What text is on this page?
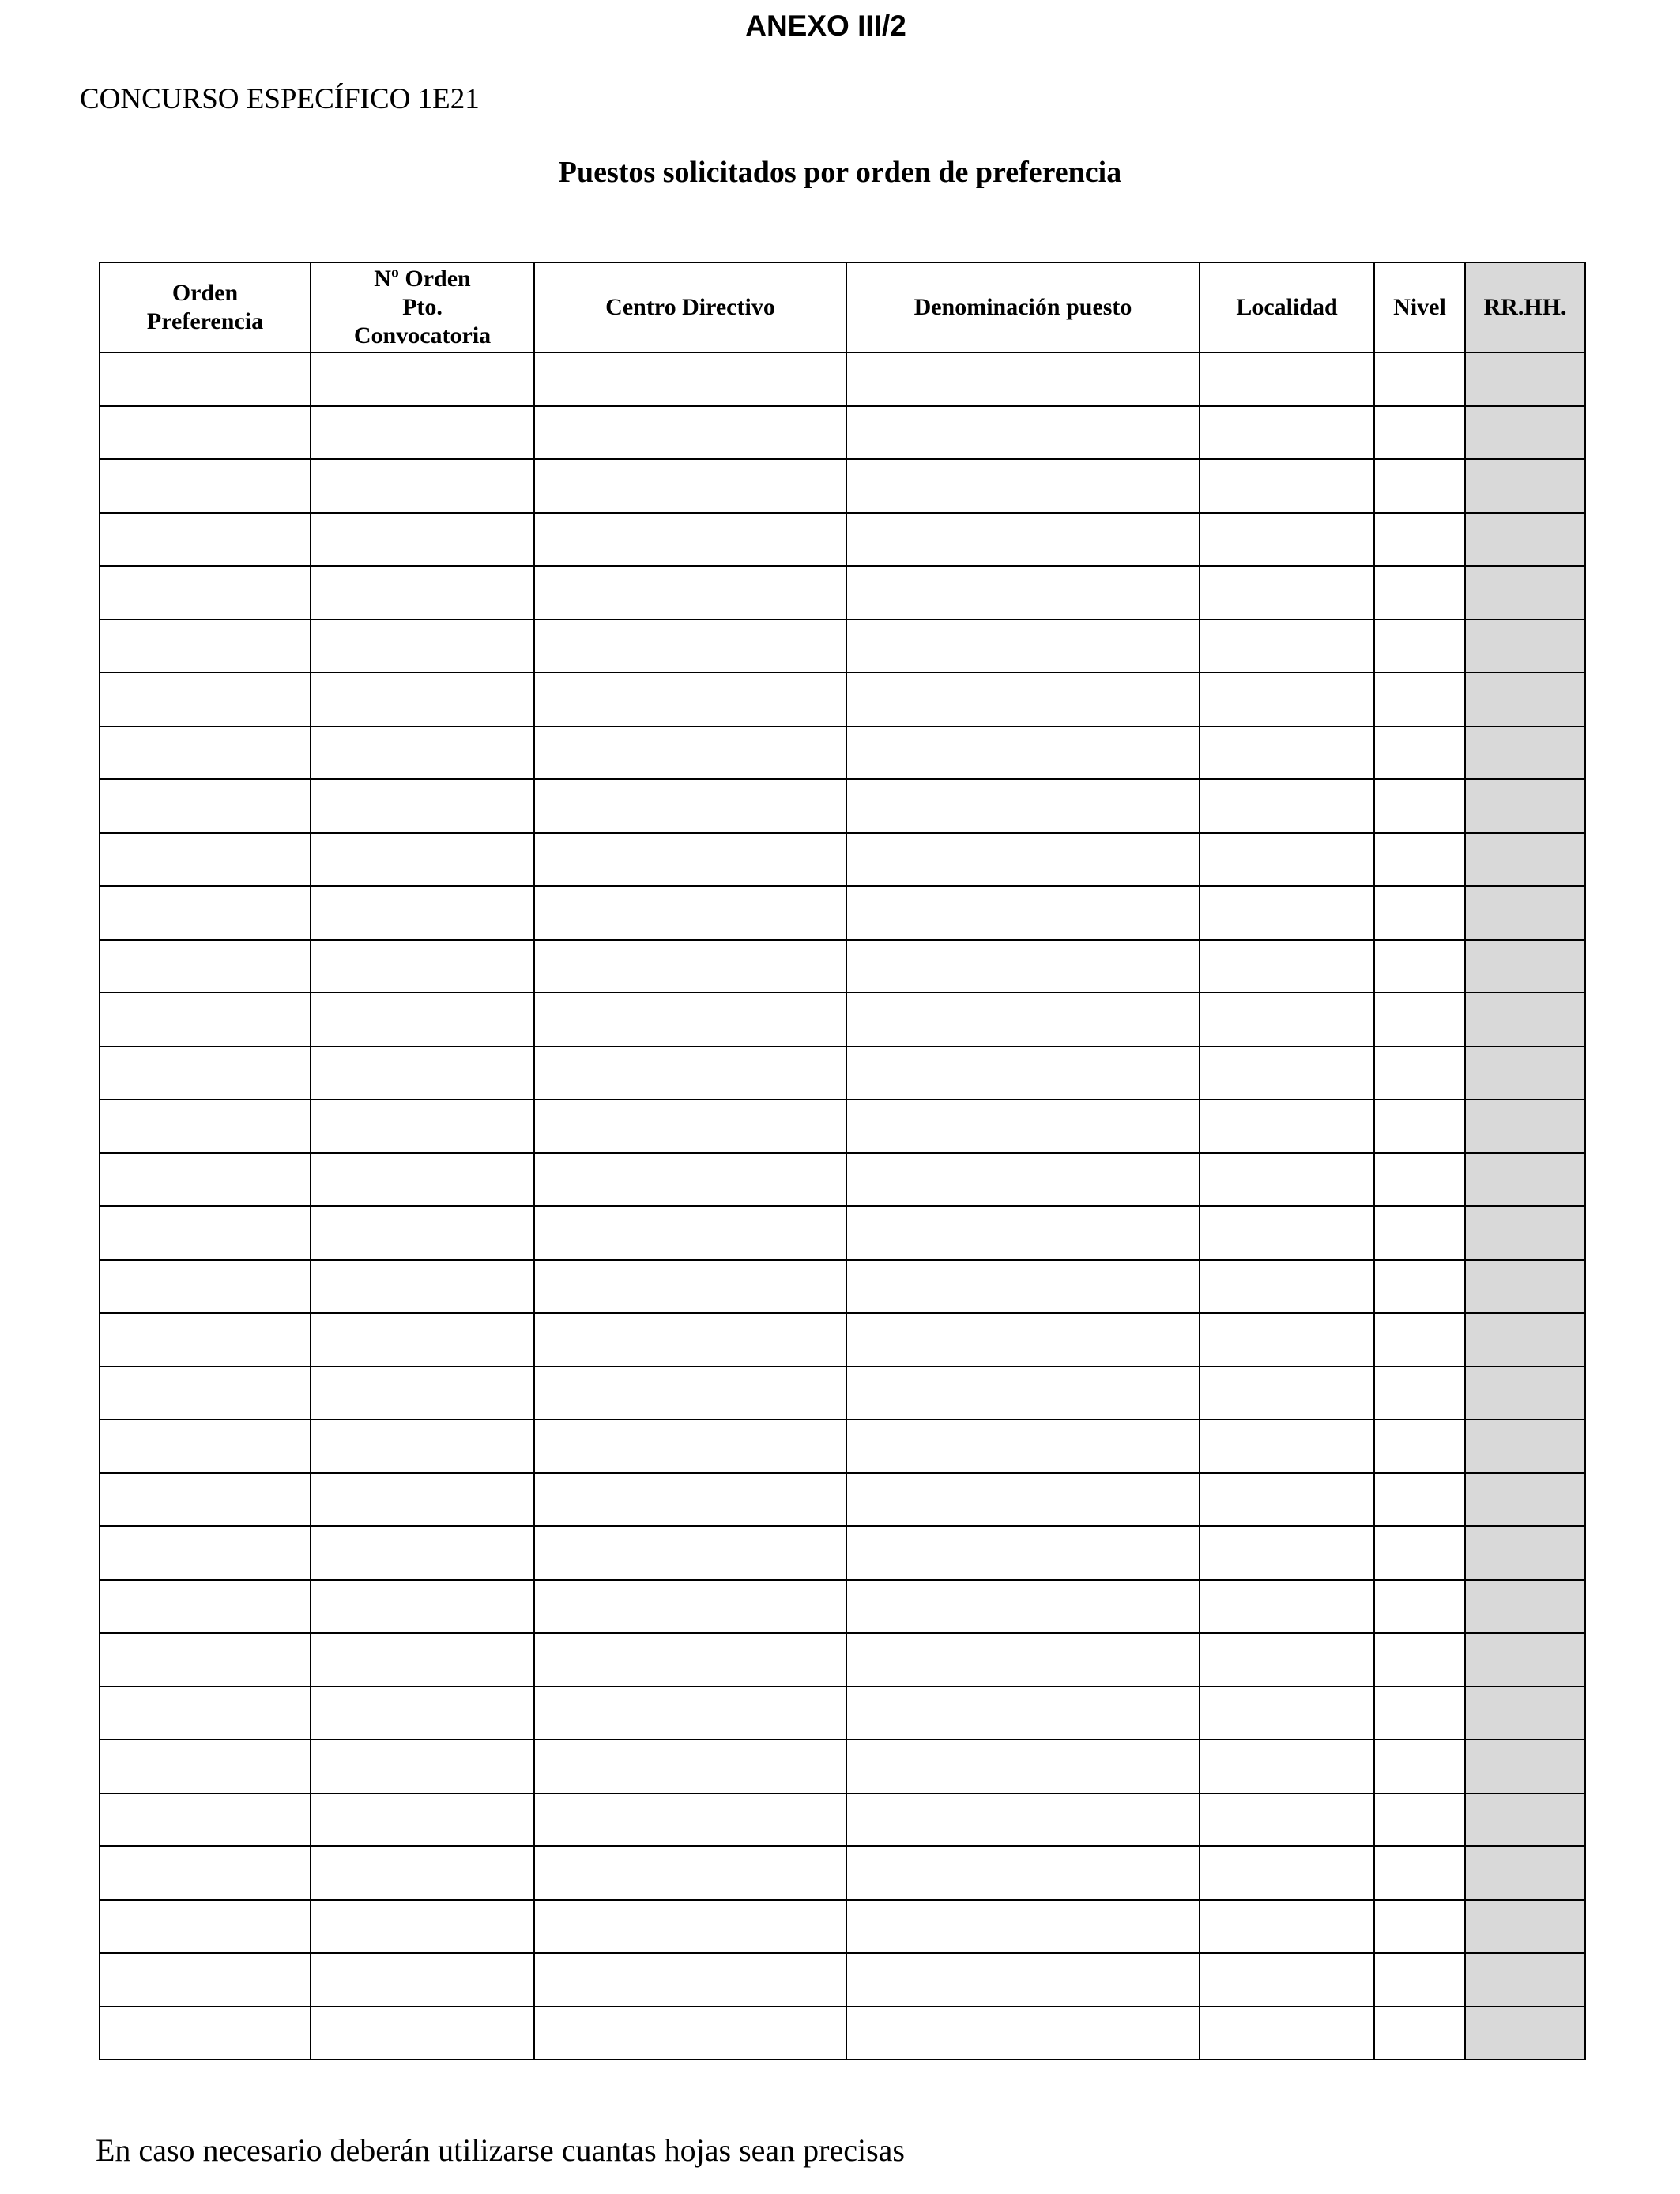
ANEXO III/2
CONCURSO ESPECÍFICO 1E21
Puestos solicitados por orden de preferencia
Orden
Preferencia	Nº Orden
Pto.
Convocatoria	Centro Directivo	Denominación puesto	Localidad	Nivel	RR.HH.

En caso necesario deberán utilizarse cuantas hojas sean precisas
